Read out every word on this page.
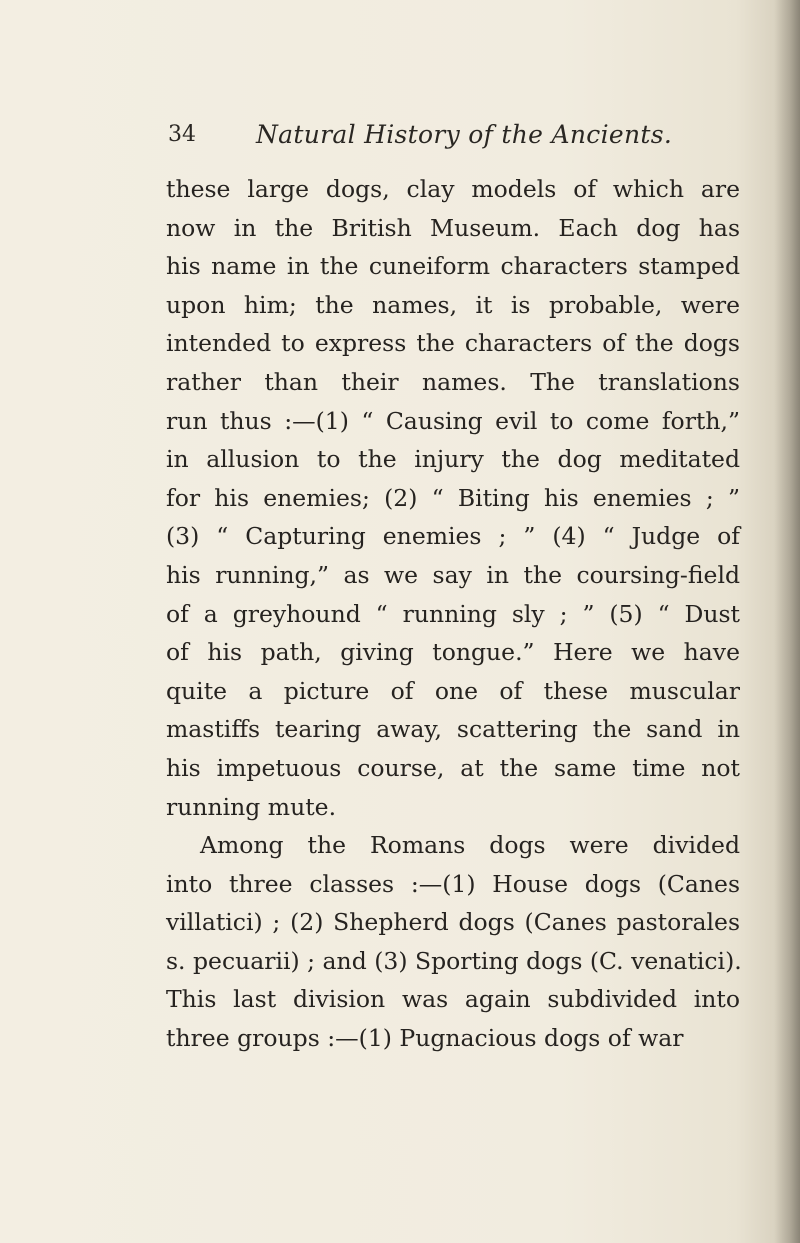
34 Natural History of the Ancients.
these large dogs, clay models of which are
now in the British Museum. Each dog has
his name in the cuneiform characters stamped
upon him; the names, it is probable, were
intended to express the characters of the dogs
rather than their names. The translations
run thus :—(1) “ Causing evil to come forth,”
in allusion to the injury the dog meditated
for his enemies; (2) “ Biting his enemies ; ”
(3) “ Capturing enemies ; ” (4) “ Judge of
his running,” as we say in the coursing-field
of a greyhound “ running sly ; ” (5) “ Dust
of his path, giving tongue.” Here we have
quite a picture of one of these muscular
mastiffs tearing away, scattering the sand in
his impetuous course, at the same time not
running mute.
Among the Romans dogs were divided
into three classes :—(1) House dogs (Canes
villatici) ; (2) Shepherd dogs (Canes pastorales
s. pecuarii) ; and (3) Sporting dogs (C. venatici).
This last division was again subdivided into
three groups :—(1) Pugnacious dogs of war
